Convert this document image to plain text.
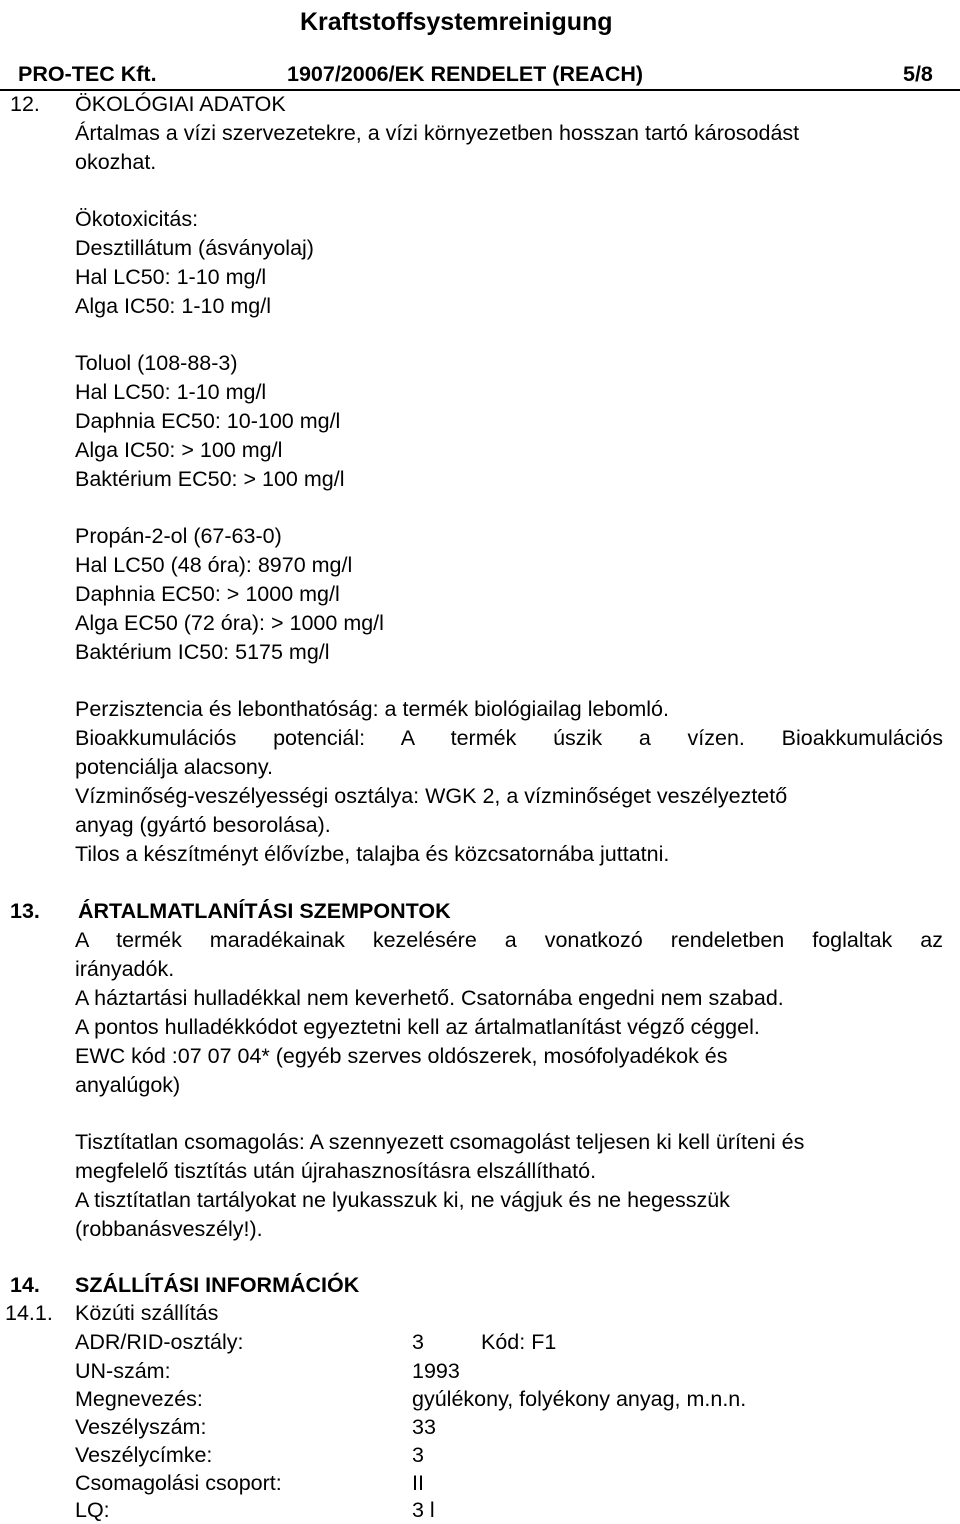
Kraftstoffsystemreinigung
PRO-TEC Kft.	1907/2006/EK RENDELET (REACH)	5/8
12. ÖKOLÓGIAI ADATOK
Ártalmas a vízi szervezetekre, a vízi környezetben hosszan tartó károsodást
okozhat.
Ökotoxicitás:
Desztillátum (ásványolaj)
Hal LC50: 1-10 mg/l
Alga IC50: 1-10 mg/l
Toluol (108-88-3)
Hal LC50: 1-10 mg/l
Daphnia EC50: 10-100 mg/l
Alga IC50: > 100 mg/l
Baktérium EC50: > 100 mg/l
Propán-2-ol (67-63-0)
Hal LC50 (48 óra): 8970 mg/l
Daphnia EC50: > 1000 mg/l
Alga EC50 (72 óra): > 1000 mg/l
Baktérium IC50: 5175 mg/l
Perzisztencia és lebonthatóság: a termék biológiailag lebomló.
Bioakkumulációs potenciál: A termék úszik a vízen. Bioakkumulációs
potenciálja alacsony.
Vízminőség-veszélyességi osztálya: WGK 2, a vízminőséget veszélyeztető
anyag (gyártó besorolása).
Tilos a készítményt élővízbe, talajba és közcsatornába juttatni.
13. ÁRTALMATLANÍTÁSI SZEMPONTOK
A termék maradékainak kezelésére a vonatkozó rendeletben foglaltak az
irányadók.
A háztartási hulladékkal nem keverhető. Csatornába engedni nem szabad.
A pontos hulladékkódot egyeztetni kell az ártalmatlanítást végző céggel.
EWC kód :07 07 04* (egyéb szerves oldószerek, mosófolyadékok és
anyalúgok)
Tisztítatlan csomagolás: A szennyezett csomagolást teljesen ki kell üríteni és
megfelelő tisztítás után újrahasznosításra elszállítható.
A tisztítatlan tartályokat ne lyukasszuk ki, ne vágjuk és ne hegesszük
(robbanásveszély!).
14. SZÁLLÍTÁSI INFORMÁCIÓK
14.1. Közúti szállítás
ADR/RID-osztály:	3	Kód: F1
UN-szám:	1993
Megnevezés:	gyúlékony, folyékony anyag, m.n.n.
Veszélyszám:	33
Veszélycímke:	3
Csomagolási csoport:	II
LQ:	3 l
